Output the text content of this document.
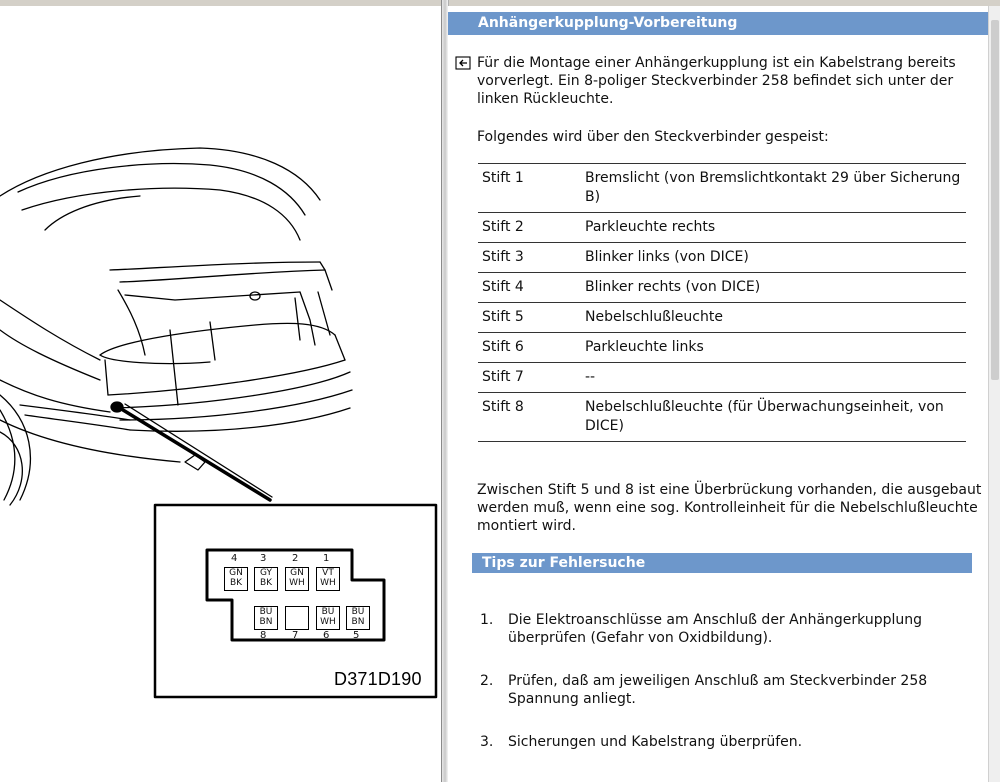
4 3	2 1
GN
BK
GY
BK
GN
WH
VT
WH
BU
BN
BU
WH
BU
BN
8	7 6 5
D371D190
Anhängerkupplung-Vorbereitung
Für die Montage einer Anhängerkupplung ist ein Kabelstrang bereits vorverlegt. Ein 8-poliger Steckverbinder 258 befindet sich unter der linken Rückleuchte.
Folgendes wird über den Steckverbinder gespeist:
Stift 1	Bremslicht (von Bremslichtkontakt 29 über Sicherung B)
Stift 2	Parkleuchte rechts
Stift 3	Blinker links (von DICE)
Stift 4	Blinker rechts (von DICE)
Stift 5	Nebelschlußleuchte
Stift 6	Parkleuchte links
Stift 7	--
Stift 8	Nebelschlußleuchte (für Überwachungseinheit, von DICE)
Zwischen Stift 5 und 8 ist eine Überbrückung vorhanden, die ausgebaut werden muß, wenn eine sog. Kontrolleinheit für die Nebelschlußleuchte montiert wird.
Tips zur Fehlersuche
1. Die Elektroanschlüsse am Anschluß der Anhängerkupplung überprüfen (Gefahr von Oxidbildung).
2. Prüfen, daß am jeweiligen Anschluß am Steckverbinder 258 Spannung anliegt.
3. Sicherungen und Kabelstrang überprüfen.
